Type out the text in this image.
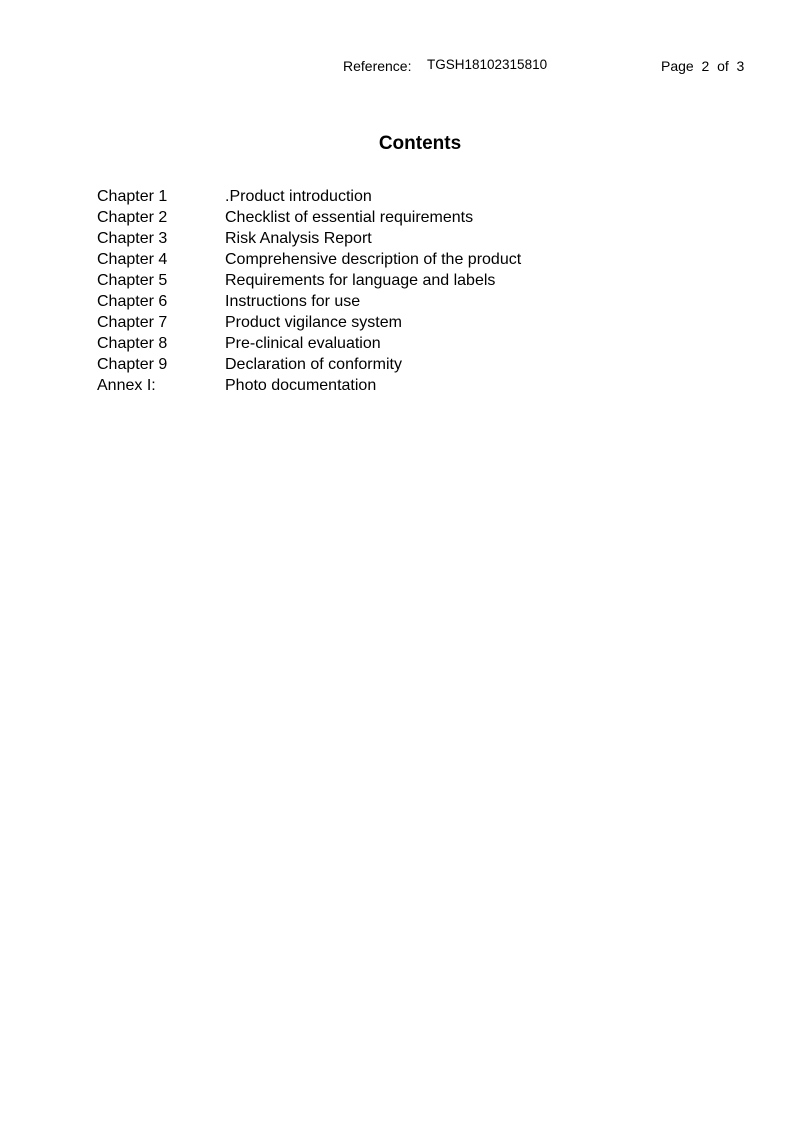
Reference: TGSH18102315810	Page 2 of 3
Contents
Chapter 1	.Product introduction
Chapter 2	Checklist of essential requirements
Chapter 3	Risk Analysis Report
Chapter 4	Comprehensive description of the product
Chapter 5	Requirements for language and labels
Chapter 6	Instructions for use
Chapter 7	Product vigilance system
Chapter 8	Pre-clinical evaluation
Chapter 9	Declaration of conformity
Annex I:	Photo documentation
